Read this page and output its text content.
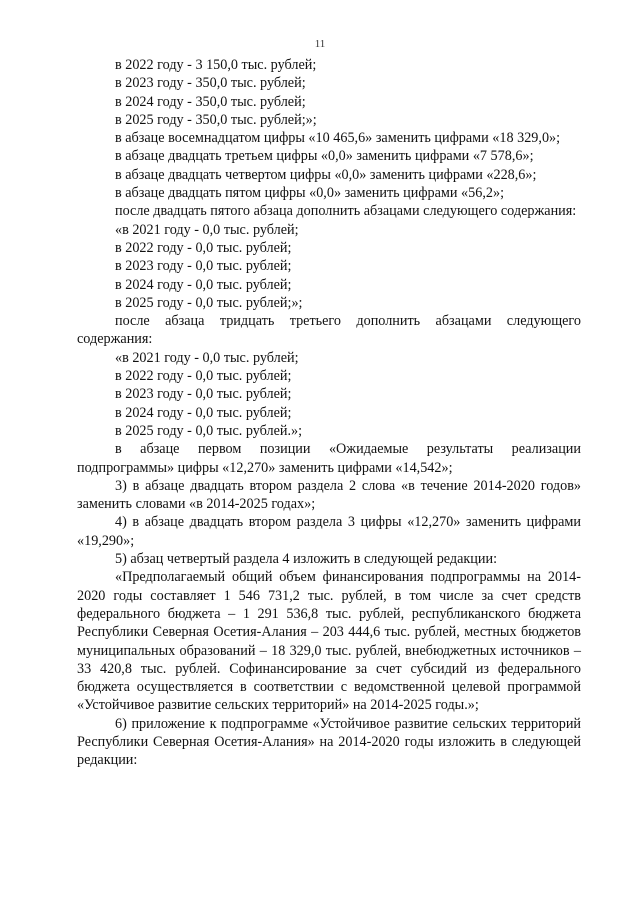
11

в 2022 году - 3 150,0 тыс. рублей;

в 2023 году - 350,0 тыс. рублей;

в 2024 году - 350,0 тыс. рублей;

в 2025 году - 350,0 тыс. рублей;»;

в абзаце восемнадцатом цифры «10 465,6» заменить цифрами «18 329,0»;

в абзаце двадцать третьем цифры «0,0» заменить цифрами «7 578,6»;

в абзаце двадцать четвертом цифры «0,0» заменить цифрами «228,6»;

в абзаце двадцать пятом цифры «0,0» заменить цифрами «56,2»;

после двадцать пятого абзаца дополнить абзацами следующего содержания:

«в 2021 году - 0,0 тыс. рублей;

в 2022 году - 0,0 тыс. рублей;

в 2023 году - 0,0 тыс. рублей;

в 2024 году - 0,0 тыс. рублей;

в 2025 году - 0,0 тыс. рублей;»;

после абзаца тридцать третьего дополнить абзацами следующего содержания:

«в 2021 году - 0,0 тыс. рублей;

в 2022 году - 0,0 тыс. рублей;

в 2023 году - 0,0 тыс. рублей;

в 2024 году - 0,0 тыс. рублей;

в 2025 году - 0,0 тыс. рублей.»;

в абзаце первом позиции «Ожидаемые результаты реализации подпрограммы» цифры «12,270» заменить цифрами «14,542»;

3) в абзаце двадцать втором раздела 2 слова «в течение 2014-2020 годов» заменить словами «в 2014-2025 годах»;

4) в абзаце двадцать втором раздела 3 цифры «12,270» заменить цифрами «19,290»;

5) абзац четвертый раздела 4 изложить в следующей редакции:

«Предполагаемый общий объем финансирования подпрограммы на 2014-2020 годы составляет 1 546 731,2 тыс. рублей, в том числе за счет средств федерального бюджета – 1 291 536,8 тыс. рублей, республиканского бюджета Республики Северная Осетия-Алания – 203 444,6 тыс. рублей, местных бюджетов муниципальных образований – 18 329,0 тыс. рублей, внебюджетных источников – 33 420,8 тыс. рублей. Софинансирование за счет субсидий из федерального бюджета осуществляется в соответствии с ведомственной целевой программой «Устойчивое развитие сельских территорий» на 2014-2025 годы.»;

6) приложение к подпрограмме «Устойчивое развитие сельских территорий Республики Северная Осетия-Алания» на 2014-2020 годы изложить в следующей редакции:
